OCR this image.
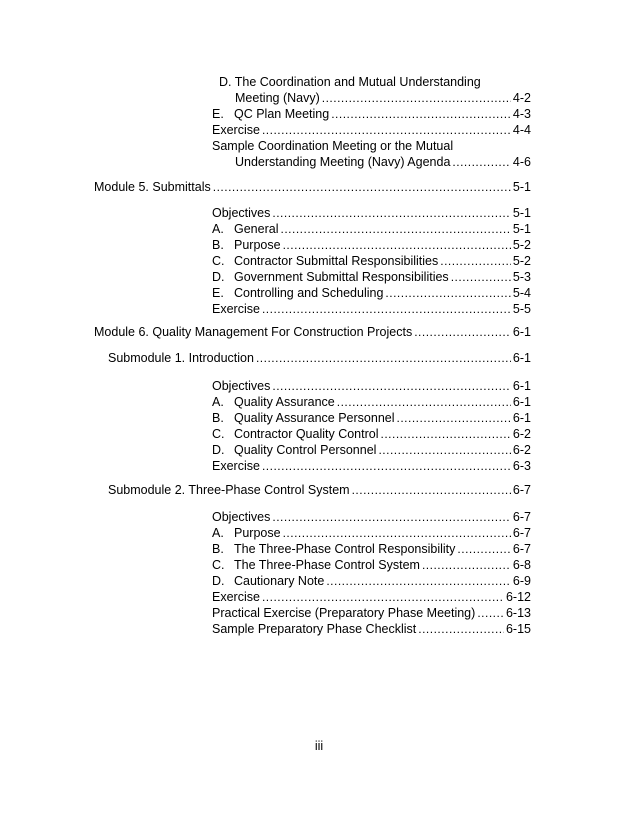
D. The Coordination and Mutual Understanding
Meeting (Navy) .....	4-2
E. QC Plan Meeting .....	4-3
Exercise .....	4-4
Sample Coordination Meeting or the Mutual
Understanding Meeting (Navy) Agenda .....	4-6
Module 5. Submittals .....	5-1
Objectives .....	5-1
A. General .....	5-1
B. Purpose .....	5-2
C. Contractor Submittal Responsibilities .....	5-2
D. Government Submittal Responsibilities .....	5-3
E. Controlling and Scheduling .....	5-4
Exercise .....	5-5
Module 6. Quality Management For Construction Projects .....	6-1
Submodule 1. Introduction .....	6-1
Objectives .....	6-1
A. Quality Assurance .....	6-1
B. Quality Assurance Personnel .....	6-1
C. Contractor Quality Control .....	6-2
D. Quality Control Personnel .....	6-2
Exercise .....	6-3
Submodule 2. Three-Phase Control System .....	6-7
Objectives .....	6-7
A. Purpose .....	6-7
B. The Three-Phase Control Responsibility .....	6-7
C. The Three-Phase Control System .....	6-8
D. Cautionary Note .....	6-9
Exercise .....	6-12
Practical Exercise (Preparatory Phase Meeting) ..... 6-13
Sample Preparatory Phase Checklist .....	6-15
iii
